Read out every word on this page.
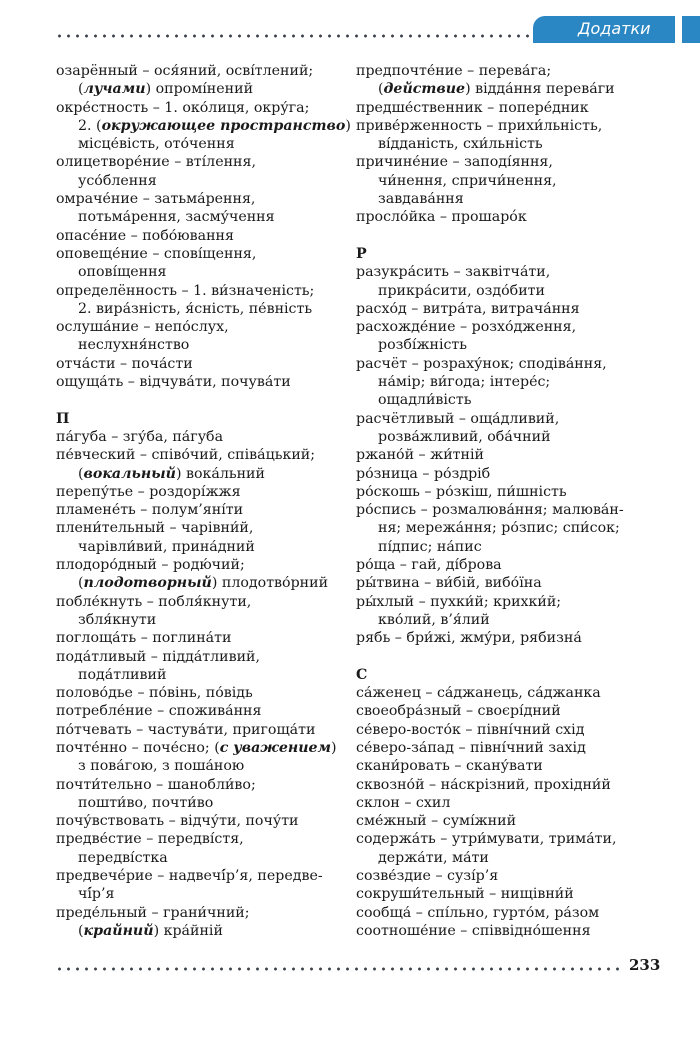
Додатки
озарённый – ося́яний, осві́тлений;
(лучами) опромі́нений
окре́стность – 1. око́лиця, окру́га;
2. (окружающее пространство)
місце́вість, ото́чення
олицетворе́ние – вті́лення,
усо́блення
омраче́ние – затьма́рення,
потьма́рення, засму́чення
опасе́ние – побо́ювання
оповеще́ние – спові́щення,
опові́щення
определённость – 1. ви́значеність;
2. вира́зність, я́сність, пе́вність
ослуша́ние – непо́слух,
неслухня́нство
отча́сти – поча́сти
ощуща́ть – відчува́ти, почува́ти
П
па́губа – згу́ба, па́губа
пе́вческий – співо́чий, співа́цький;
(вокальный) вока́льний
перепу́тье – роздорі́жжя
пламене́ть – полум’яні́ти
плени́тельный – чарівни́й,
чарівли́вий, прина́дний
плодоро́дный – родю́чий;
(плодотворный) плодотво́рний
побле́кнуть – побля́кнути,
збля́кнути
поглоща́ть – поглина́ти
пода́тливый – підда́тливий,
пода́тливий
полово́дье – по́вінь, по́відь
потребле́ние – спожива́ння
по́тчевать – частува́ти, пригоща́ти
почте́нно – поче́сно; (с уважением)
з пова́гою, з поша́ною
почти́тельно – шанобли́во;
пошти́во, почти́во
почу́вствовать – відчу́ти, почу́ти
предве́стие – передві́стя,
передві́стка
предвечéрие – надвечí́р’я, передве-
чí́р’я
преде́льный – грани́чний;
(крайний) кра́йній
предпочте́ние – перева́га;
(действие) відда́ння перева́ги
предше́ственник – попере́дник
приве́рженность – прихи́льність,
ві́дданість, схи́льність
причине́ние – заподі́яння,
чи́нення, спричи́нення,
завдава́ння
просло́йка – прошарóк
Р
разукра́сить – заквітча́ти,
прикра́сити, оздо́бити
расхо́д – витра́та, витрача́ння
расхожде́ние – розхо́дження,
розбі́жність
расчёт – розраху́нок; сподіва́ння,
на́мір; ви́года; інтере́с;
ощадли́вість
расчётливый – оща́дливий,
розва́жливий, оба́чний
ржано́й – жи́тній
ро́зница – ро́здріб
ро́скошь – ро́зкіш, пи́шність
ро́спись – розмалюва́ння; малюва́н-
ня; мережа́ння; ро́зпис; спи́сок;
пі́дпис; на́пис
ро́ща – гай, ді́брова
ры́твина – ви́бій, вибо́їна
ры́хлый – пухки́й; крихки́й;
кво́лий, в’я́лий
рябь – бри́жі, жму́ри, рябизна́
С
са́женец – са́джанець, са́джанка
своеобра́зный – своєрі́дний
се́веро-восто́к – півні́чний схід
се́веро-за́пад – півні́чний захід
скани́ровать – скану́вати
сквозно́й – на́скрізний, прохідни́й
склон – схил
сме́жный – сумі́жний
содержа́ть – утри́мувати, трима́ти,
держа́ти, ма́ти
созве́здие – сузі́р’я
сокруши́тельный – нищівни́й
сообща́ – спі́льно, гурто́м, ра́зом
соотноше́ние – співвідно́шення
233
